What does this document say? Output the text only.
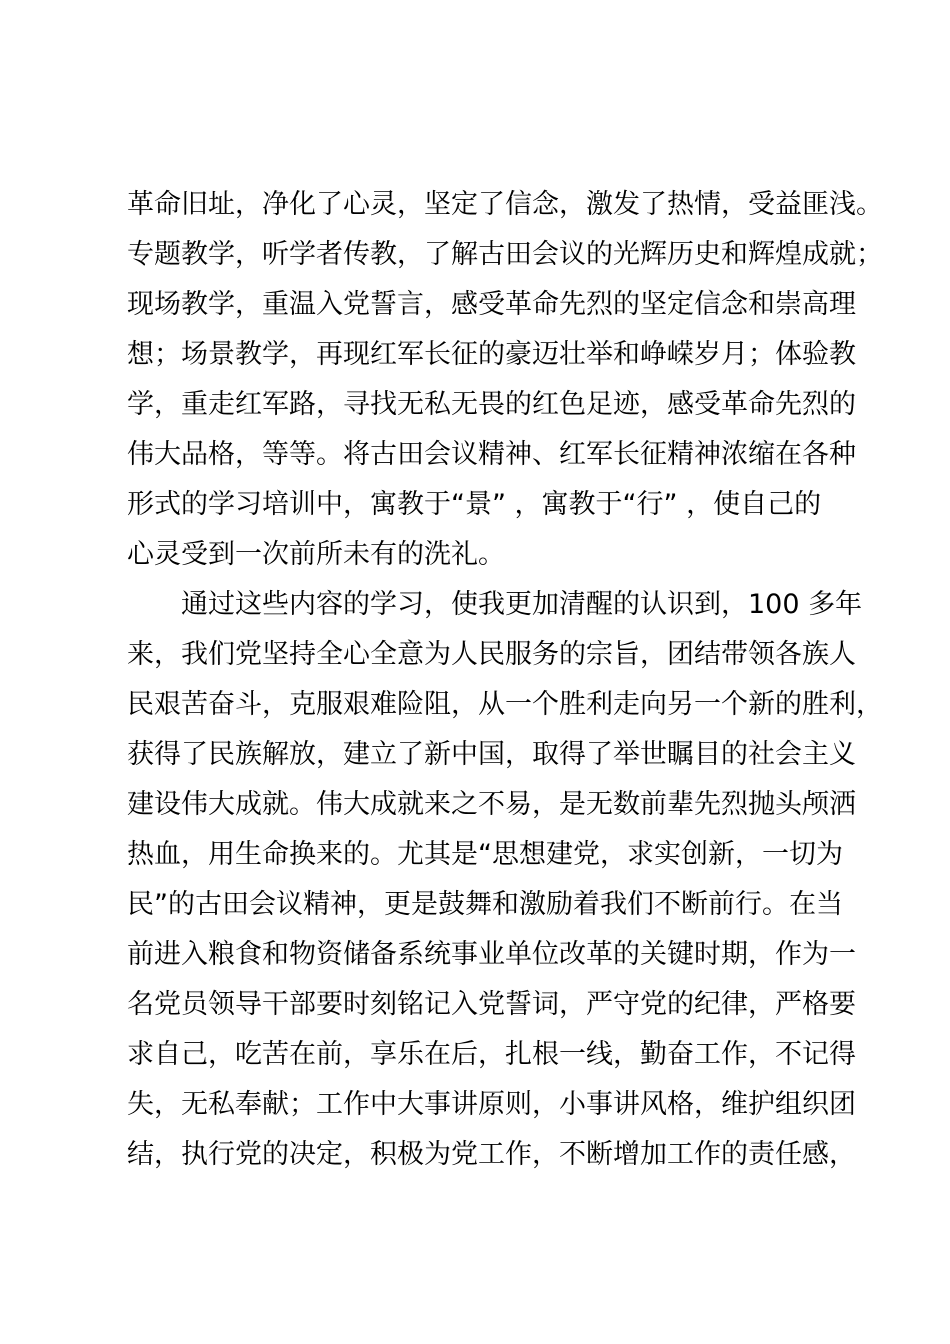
革命旧址，净化了心灵，坚定了信念，激发了热情，受益匪浅。
专题教学，听学者传教，了解古田会议的光辉历史和辉煌成就；
现场教学，重温入党誓言，感受革命先烈的坚定信念和崇高理
想；场景教学，再现红军长征的豪迈壮举和峥嵘岁月；体验教
学，重走红军路，寻找无私无畏的红色足迹，感受革命先烈的
伟大品格，等等。将古田会议精神、红军长征精神浓缩在各种
形式的学习培训中，寓教于“景” ，寓教于“行” ，使自己的
心灵受到一次前所未有的洗礼。
通过这些内容的学习，使我更加清醒的认识到，100 多年
来，我们党坚持全心全意为人民服务的宗旨，团结带领各族人
民艰苦奋斗，克服艰难险阻，从一个胜利走向另一个新的胜利，
获得了民族解放，建立了新中国，取得了举世瞩目的社会主义
建设伟大成就。伟大成就来之不易，是无数前辈先烈抛头颅洒
热血，用生命换来的。尤其是“思想建党，求实创新，一切为
民”的古田会议精神，更是鼓舞和激励着我们不断前行。在当
前进入粮食和物资储备系统事业单位改革的关键时期，作为一
名党员领导干部要时刻铭记入党誓词，严守党的纪律，严格要
求自己，吃苦在前，享乐在后，扎根一线，勤奋工作，不记得
失，无私奉献；工作中大事讲原则，小事讲风格，维护组织团
结，执行党的决定，积极为党工作，不断增加工作的责任感，
